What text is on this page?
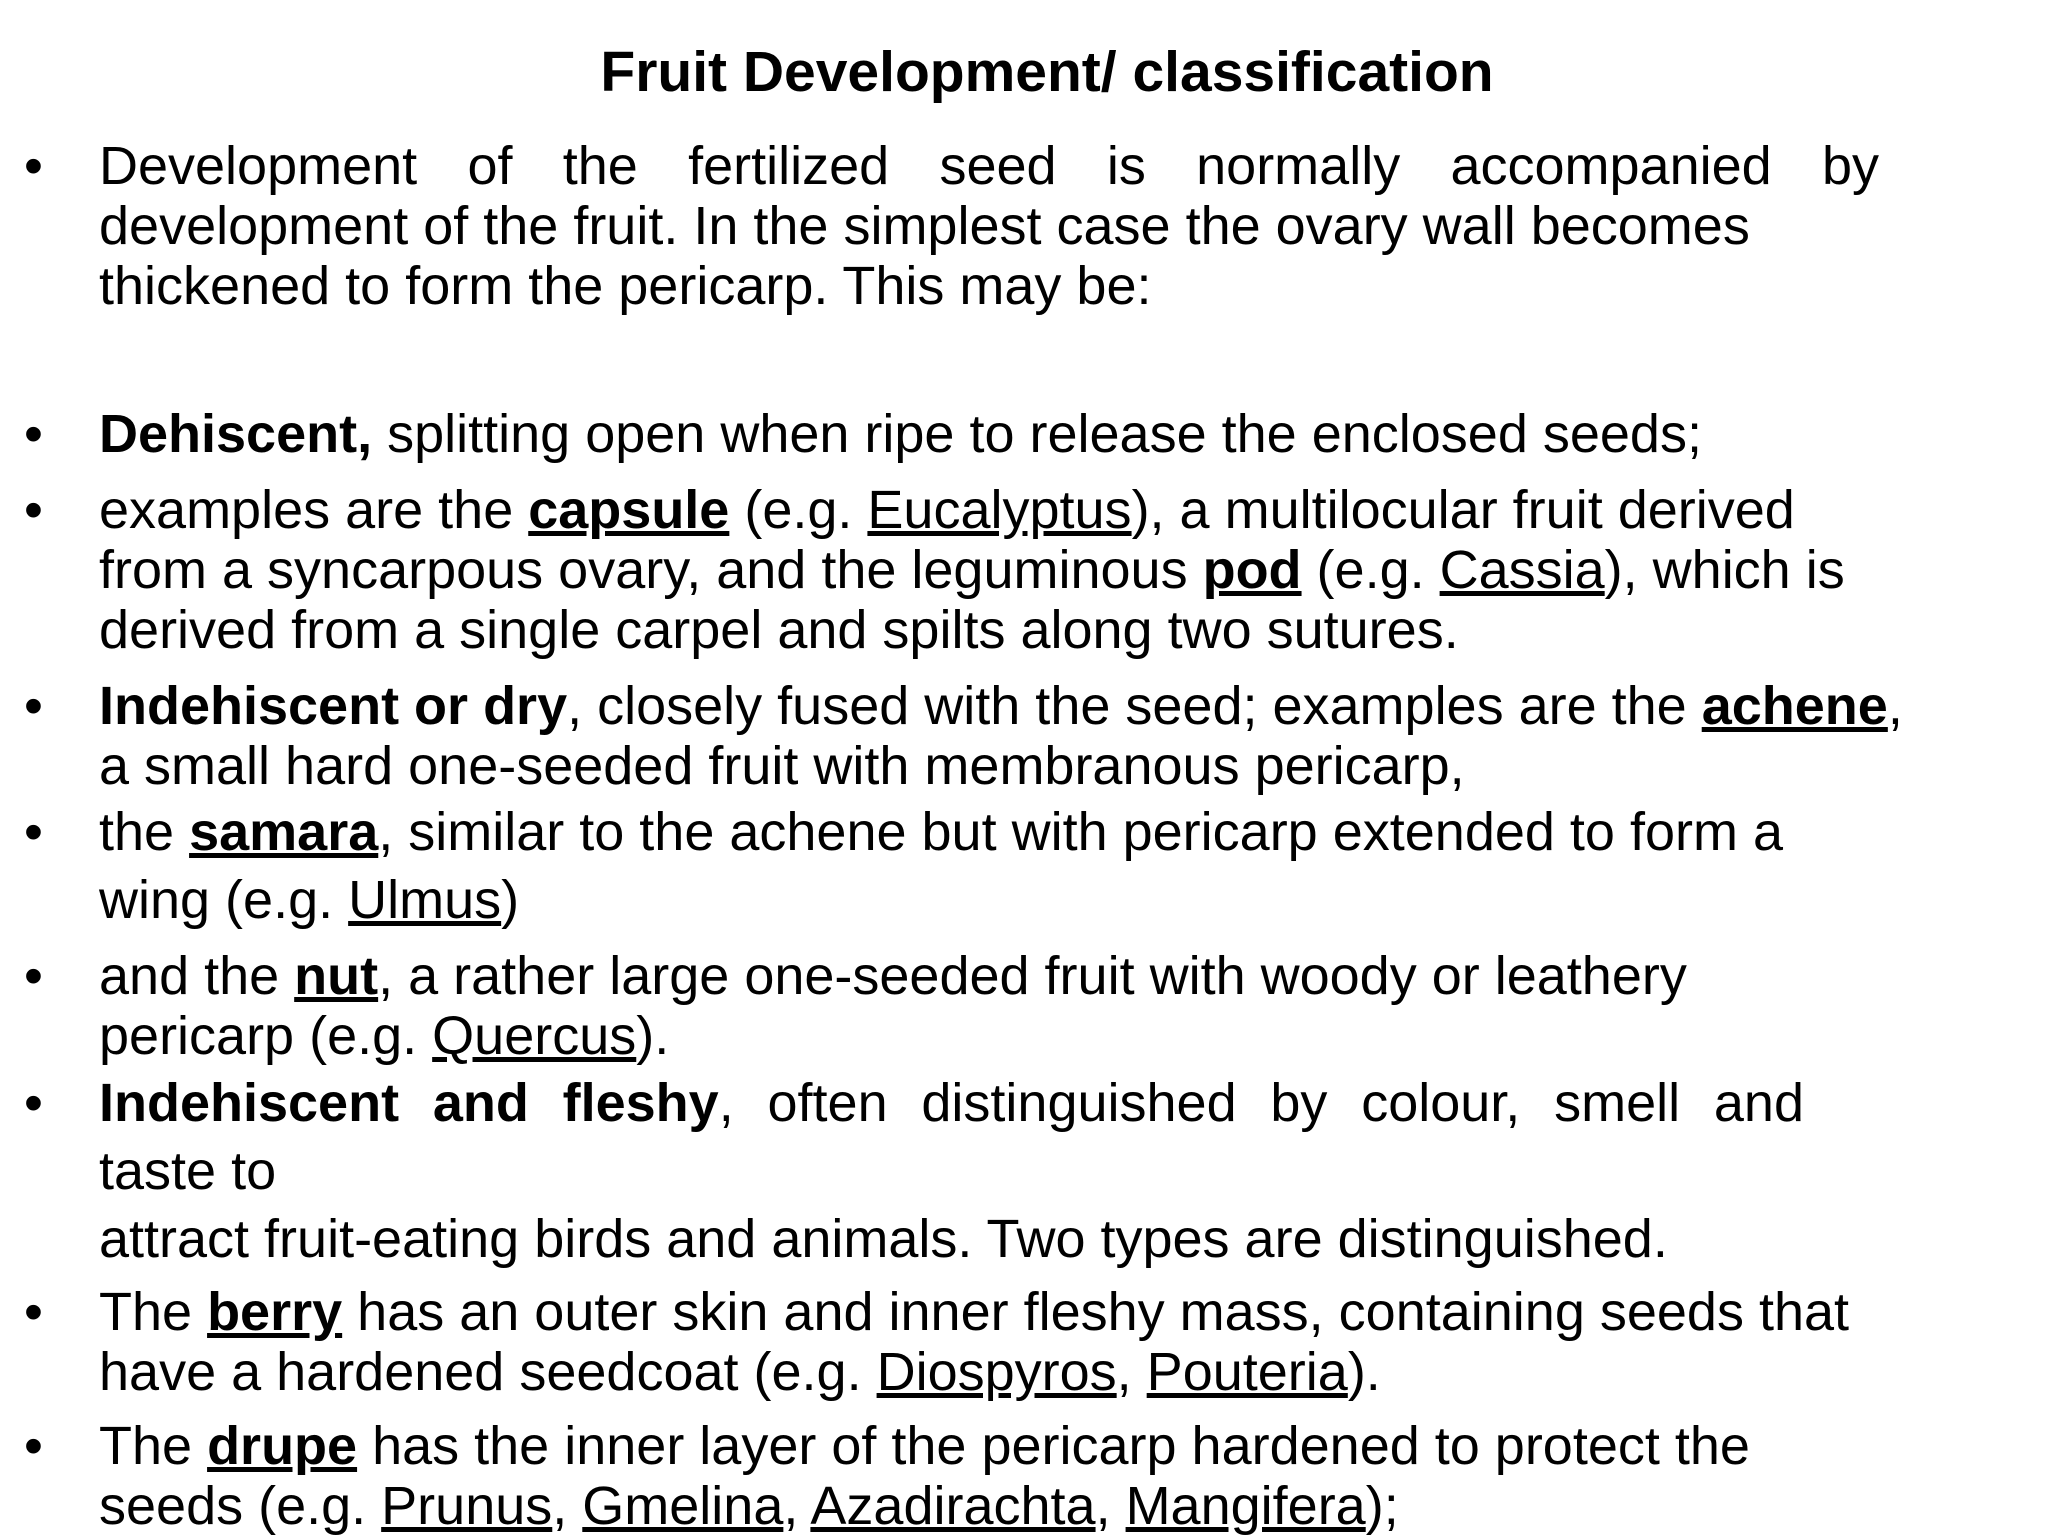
Fruit Development/ classification
• Development of the fertilized seed is normally accompanied by
development of the fruit. In the simplest case the ovary wall becomes
thickened to form the pericarp. This may be:
• Dehiscent, splitting open when ripe to release the enclosed seeds;
• examples are the capsule (e.g. Eucalyptus), a multilocular fruit derived
from a syncarpous ovary, and the leguminous pod (e.g. Cassia), which is
derived from a single carpel and spilts along two sutures.
• Indehiscent or dry, closely fused with the seed; examples are the achene,
a small hard one-seeded fruit with membranous pericarp,
• the samara, similar to the achene but with pericarp extended to form a
wing (e.g. Ulmus)
• and the nut, a rather large one-seeded fruit with woody or leathery
pericarp (e.g. Quercus).
• Indehiscent and fleshy, often distinguished by colour, smell and
taste to
attract fruit-eating birds and animals. Two types are distinguished.
• The berry has an outer skin and inner fleshy mass, containing seeds that
have a hardened seedcoat (e.g. Diospyros, Pouteria).
• The drupe has the inner layer of the pericarp hardened to protect the
seeds (e.g. Prunus, Gmelina, Azadirachta, Mangifera);
